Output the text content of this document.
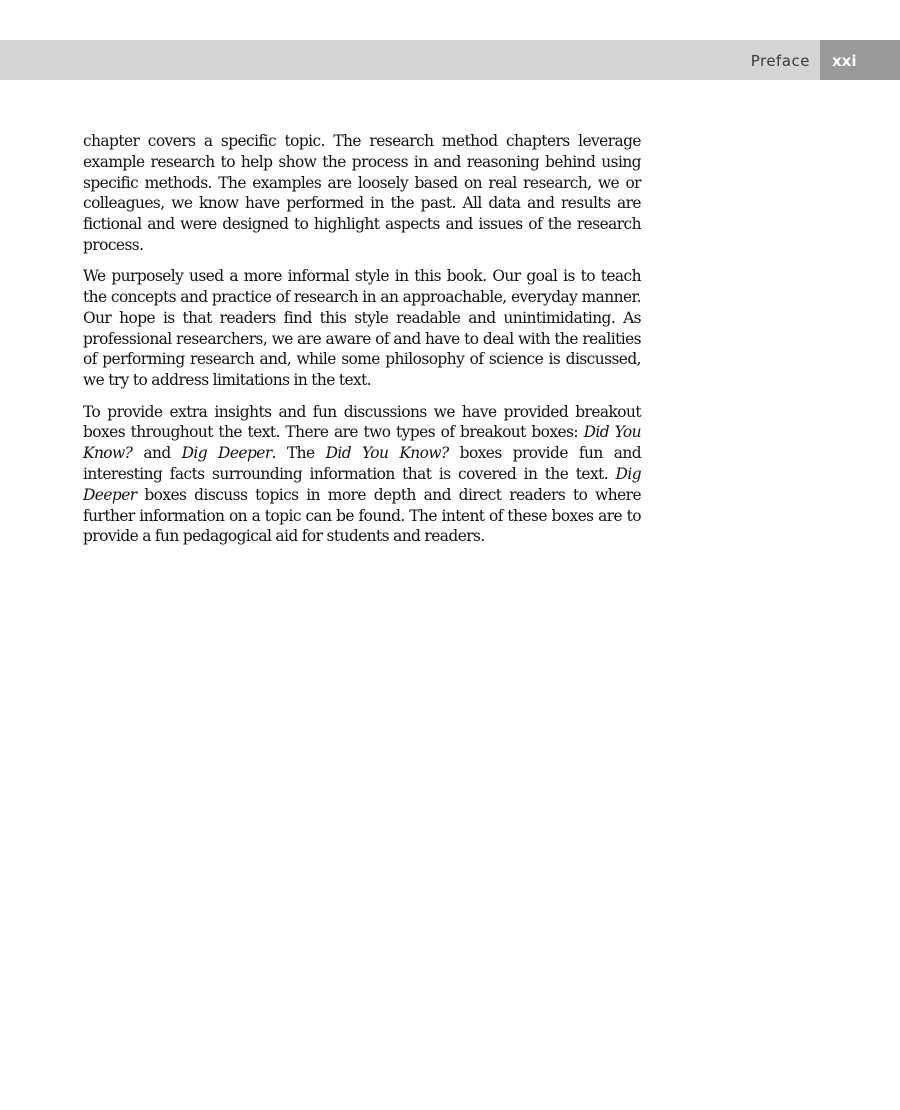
Preface xxi

chapter covers a specific topic. The research method chapters leverage example research to help show the process in and reasoning behind using specific methods. The examples are loosely based on real research, we or colleagues, we know have performed in the past. All data and results are fictional and were designed to highlight aspects and issues of the research process.

We purposely used a more informal style in this book. Our goal is to teach the concepts and practice of research in an approachable, everyday manner. Our hope is that readers find this style readable and unintimidating. As professional researchers, we are aware of and have to deal with the realities of performing research and, while some philosophy of science is discussed, we try to address limitations in the text.

To provide extra insights and fun discussions we have provided breakout boxes throughout the text. There are two types of breakout boxes: Did You Know? and Dig Deeper. The Did You Know? boxes provide fun and interesting facts surrounding information that is covered in the text. Dig Deeper boxes discuss topics in more depth and direct readers to where further information on a topic can be found. The intent of these boxes are to provide a fun pedagogical aid for students and readers.
